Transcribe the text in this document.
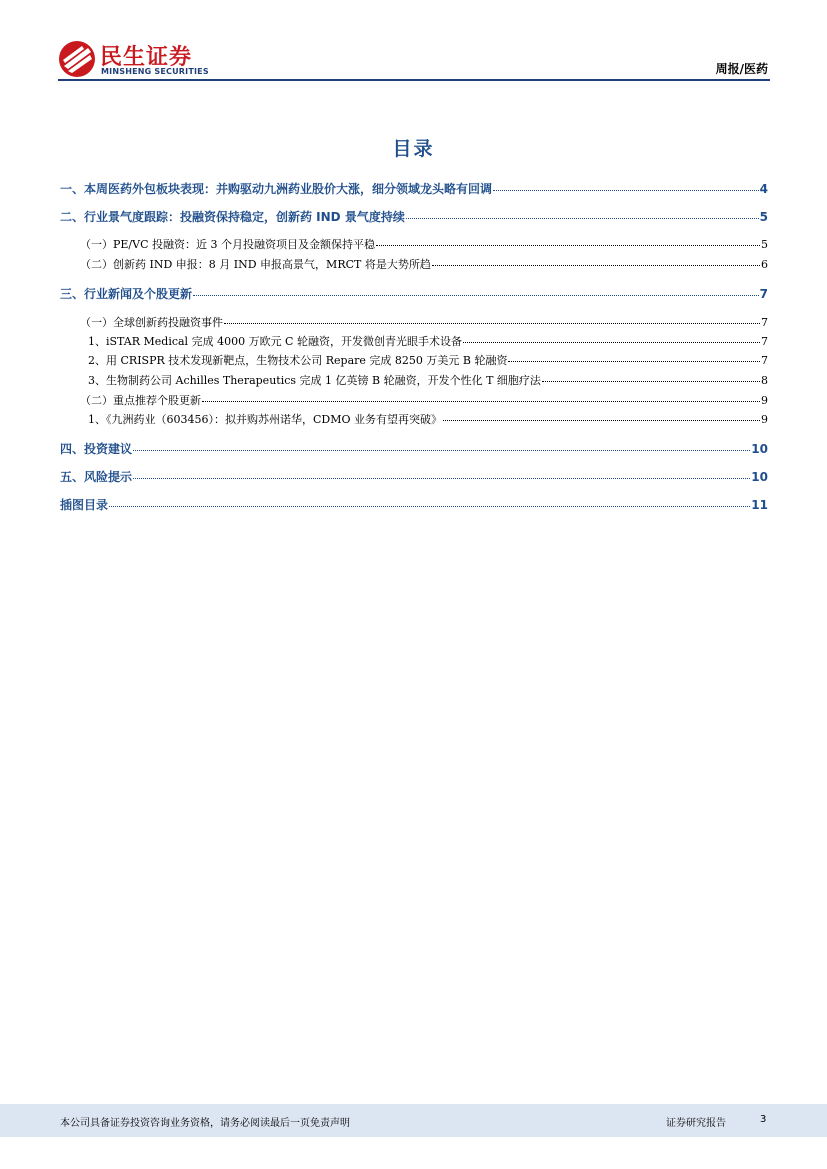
民生证券
MINSHENG SECURITIES	周报/医药
目录
一、本周医药外包板块表现：并购驱动九洲药业股价大涨，细分领域龙头略有回调	4
二、行业景气度跟踪：投融资保持稳定，创新药 IND 景气度持续	5
（一）PE/VC 投融资：近 3 个月投融资项目及金额保持平稳	5
（二）创新药 IND 申报：8 月 IND 申报高景气，MRCT 将是大势所趋	6
三、行业新闻及个股更新	7
（一）全球创新药投融资事件	7
1、iSTAR Medical 完成 4000 万欧元 C 轮融资，开发微创青光眼手术设备	7
2、用 CRISPR 技术发现新靶点，生物技术公司 Repare 完成 8250 万美元 B 轮融资	7
3、生物制药公司 Achilles Therapeutics 完成 1 亿英镑 B 轮融资，开发个性化 T 细胞疗法	8
（二）重点推荐个股更新	9
1、《九洲药业（603456）：拟并购苏州诺华，CDMO 业务有望再突破》	9
四、投资建议	10
五、风险提示	10
插图目录	11
本公司具备证券投资咨询业务资格，请务必阅读最后一页免责声明	证券研究报告	3
